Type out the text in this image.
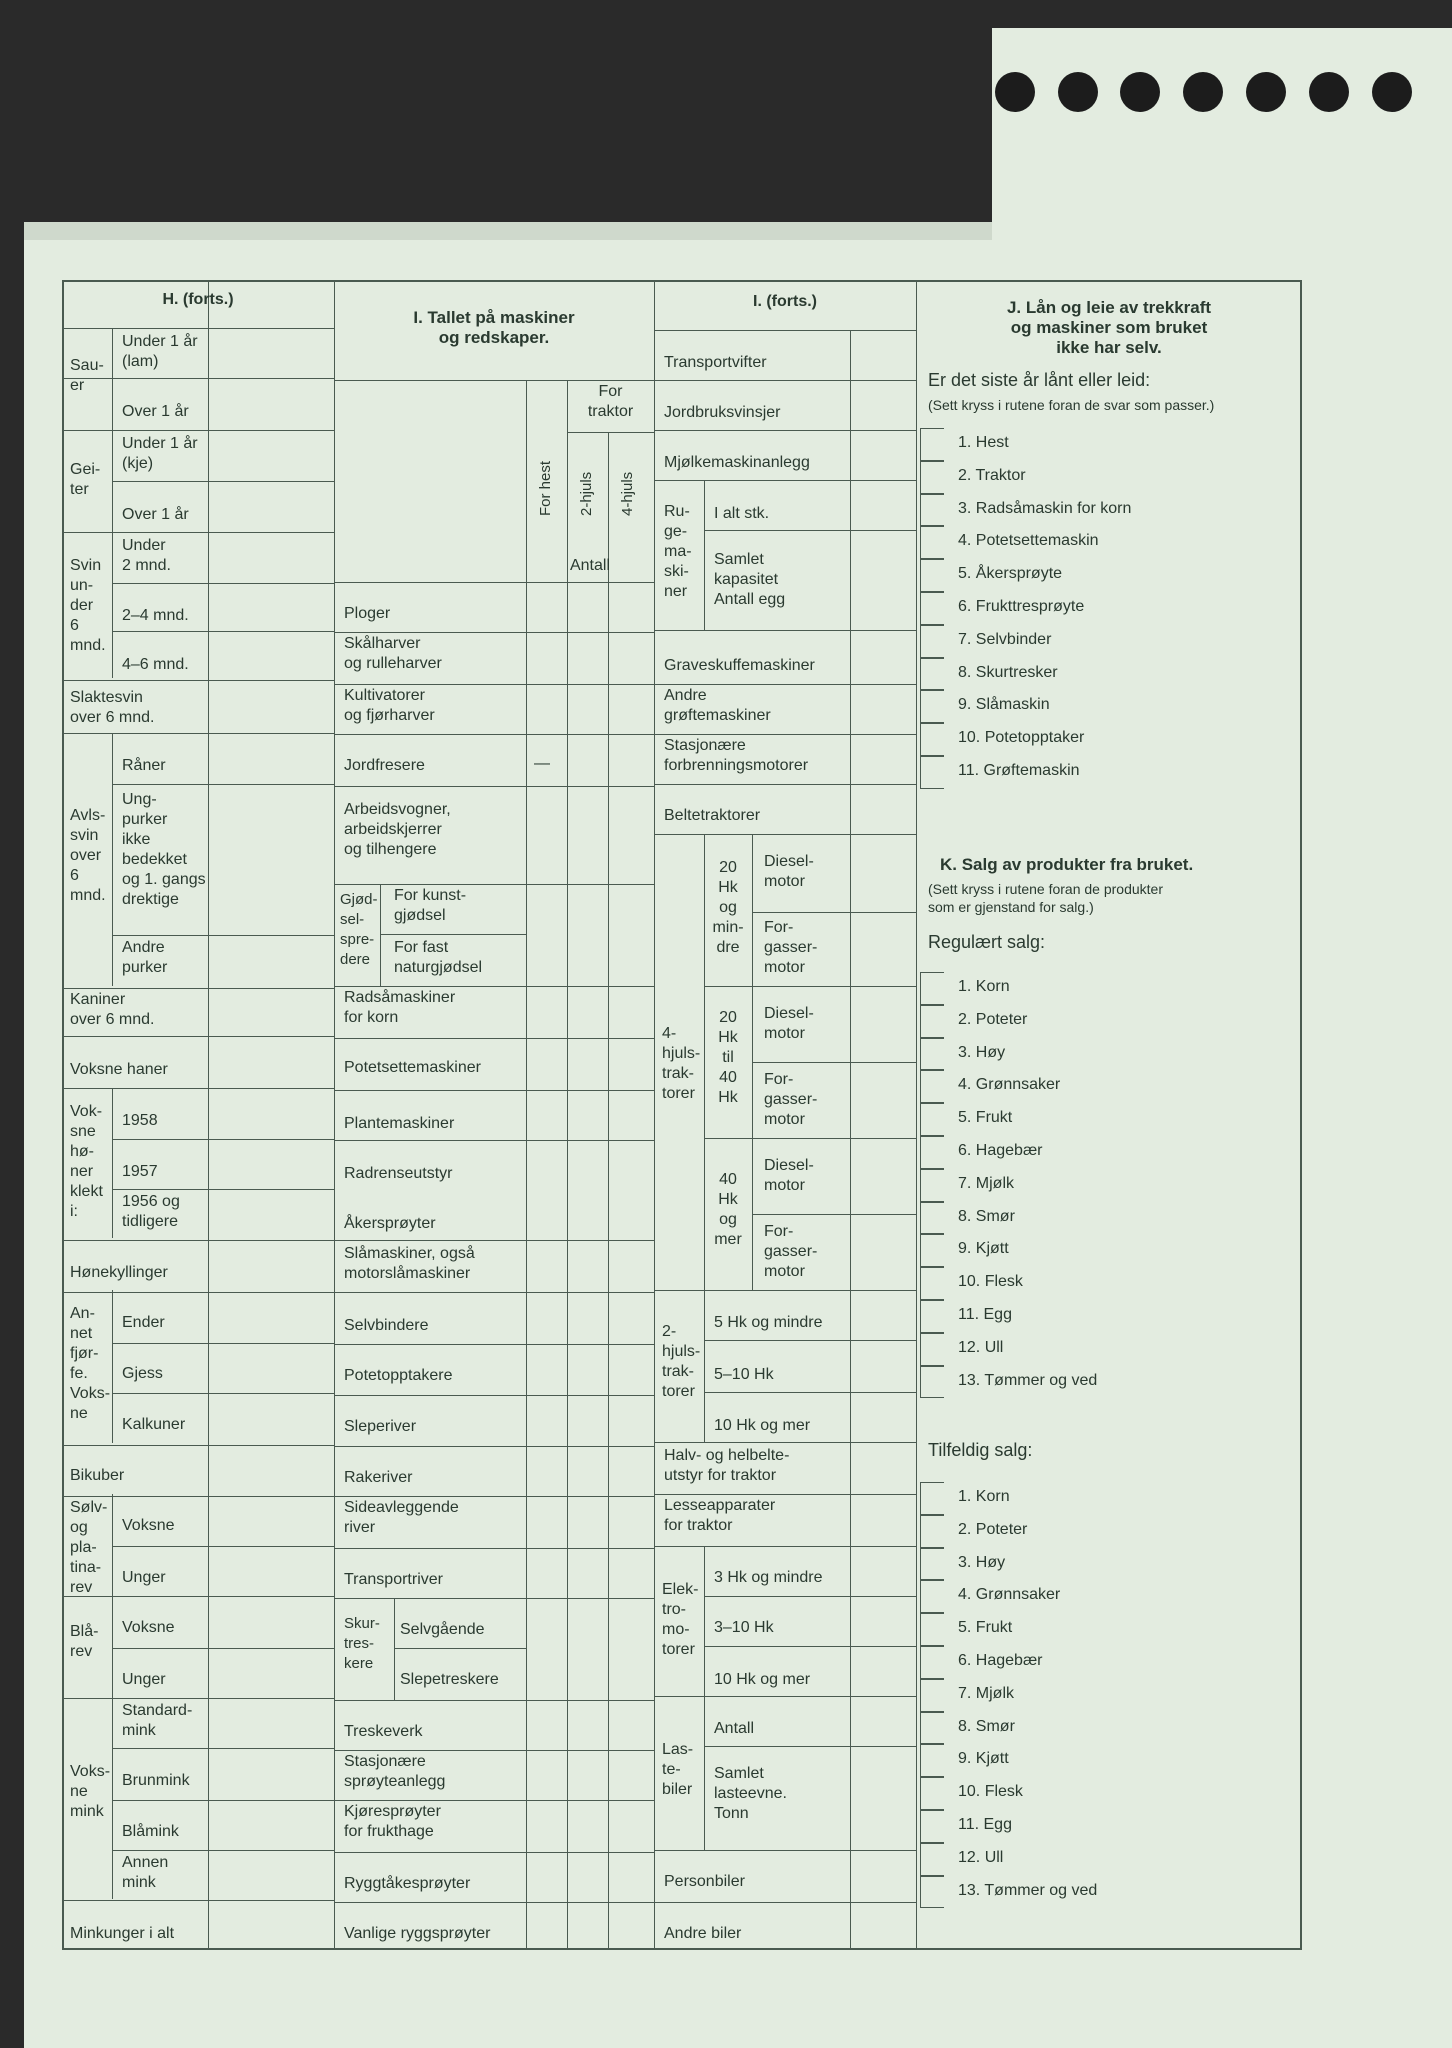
H. (forts.)
Sau-
er
Under 1 år
(lam)
Over 1 år
Gei-
ter
Under 1 år
(kje)
Over 1 år
Svin
un-
der
6
mnd.
Under
2 mnd.
2–4 mnd.
4–6 mnd.
Slaktesvin
over 6 mnd.
Avls-
svin
over
6
mnd.
Råner
Ung-
purker
ikke
bedekket
og 1. gangs
drektige
Andre
purker
Kaniner
over 6 mnd.
Voksne haner
Vok-
sne
hø-
ner
klekt
i:
1958
1957
1956 og
tidligere
Hønekyllinger
An-
net
fjør-
fe.
Voks-
ne
Ender
Gjess
Kalkuner
Bikuber
Sølv-
og
pla-
tina-
rev
Voksne
Unger
Blå-
rev
Voksne
Unger
Voks-
ne
mink
Standard-
mink
Brunmink
Blåmink
Annen
mink
Minkunger i alt
I. Tallet på maskiner
og redskaper.
For hest
For
traktor
2-hjuls 4-hjuls
Antall
Ploger
Skålharver
og rulleharver
Kultivatorer
og fjørharver
Jordfresere	—
Arbeidsvogner,
arbeidskjerrer
og tilhengere
Gjød-
sel-
spre-
dere
For kunst-
gjødsel
For fast
naturgjødsel
Radsåmaskiner
for korn
Potetsettemaskiner
Plantemaskiner
Radrenseutstyr
Åkersprøyter
Slåmaskiner, også
motorslåmaskiner
Selvbindere
Potetopptakere
Sleperiver
Rakeriver
Sideavleggende
river
Transportriver
Skur-
tres-
kere
Selvgående
Slepetreskere
Treskeverk
Stasjonære
sprøyteanlegg
Kjøresprøyter
for frukthage
Ryggtåkesprøyter
Vanlige ryggsprøyter
I. (forts.)
Transportvifter
Jordbruksvinsjer
Mjølkemaskinanlegg
Ru-
ge-
ma-
ski-
ner
I alt stk.
Samlet
kapasitet
Antall egg
Graveskuffemaskiner
Andre
grøftemaskiner
Stasjonære
forbrenningsmotorer
Beltetraktorer
4-
hjuls-
trak-
torer
20
Hk
og
min-
dre
20
Hk
til
40
Hk
40
Hk
og
mer
Diesel-
motor
For-
gasser-
motor
Diesel-
motor
For-
gasser-
motor
Diesel-
motor
For-
gasser-
motor
2-
hjuls-
trak-
torer
5 Hk og mindre
5–10 Hk
10 Hk og mer
Halv- og helbelte-
utstyr for traktor
Lesseapparater
for traktor
Elek-
tro-
mo-
torer
3 Hk og mindre
3–10 Hk
10 Hk og mer
Las-
te-
biler
Antall
Samlet
lasteevne.
Tonn
Personbiler
Andre biler
J. Lån og leie av trekkraft
og maskiner som bruket
ikke har selv.
Er det siste år lånt eller leid:
(Sett kryss i rutene foran de svar som passer.)
1. Hest
2. Traktor
3. Radsåmaskin for korn
4. Potetsettemaskin
5. Åkersprøyte
6. Frukttresprøyte
7. Selvbinder
8. Skurtresker
9. Slåmaskin
10. Potetopptaker
11. Grøftemaskin
K. Salg av produkter fra bruket.
(Sett kryss i rutene foran de produkter
som er gjenstand for salg.)
Regulært salg:
Tilfeldig salg:
1. Korn
2. Poteter
3. Høy
4. Grønnsaker
5. Frukt
6. Hagebær
7. Mjølk
8. Smør
9. Kjøtt
10. Flesk
11. Egg
12. Ull
13. Tømmer og ved
1. Korn
2. Poteter
3. Høy
4. Grønnsaker
5. Frukt
6. Hagebær
7. Mjølk
8. Smør
9. Kjøtt
10. Flesk
11. Egg
12. Ull
13. Tømmer og ved
